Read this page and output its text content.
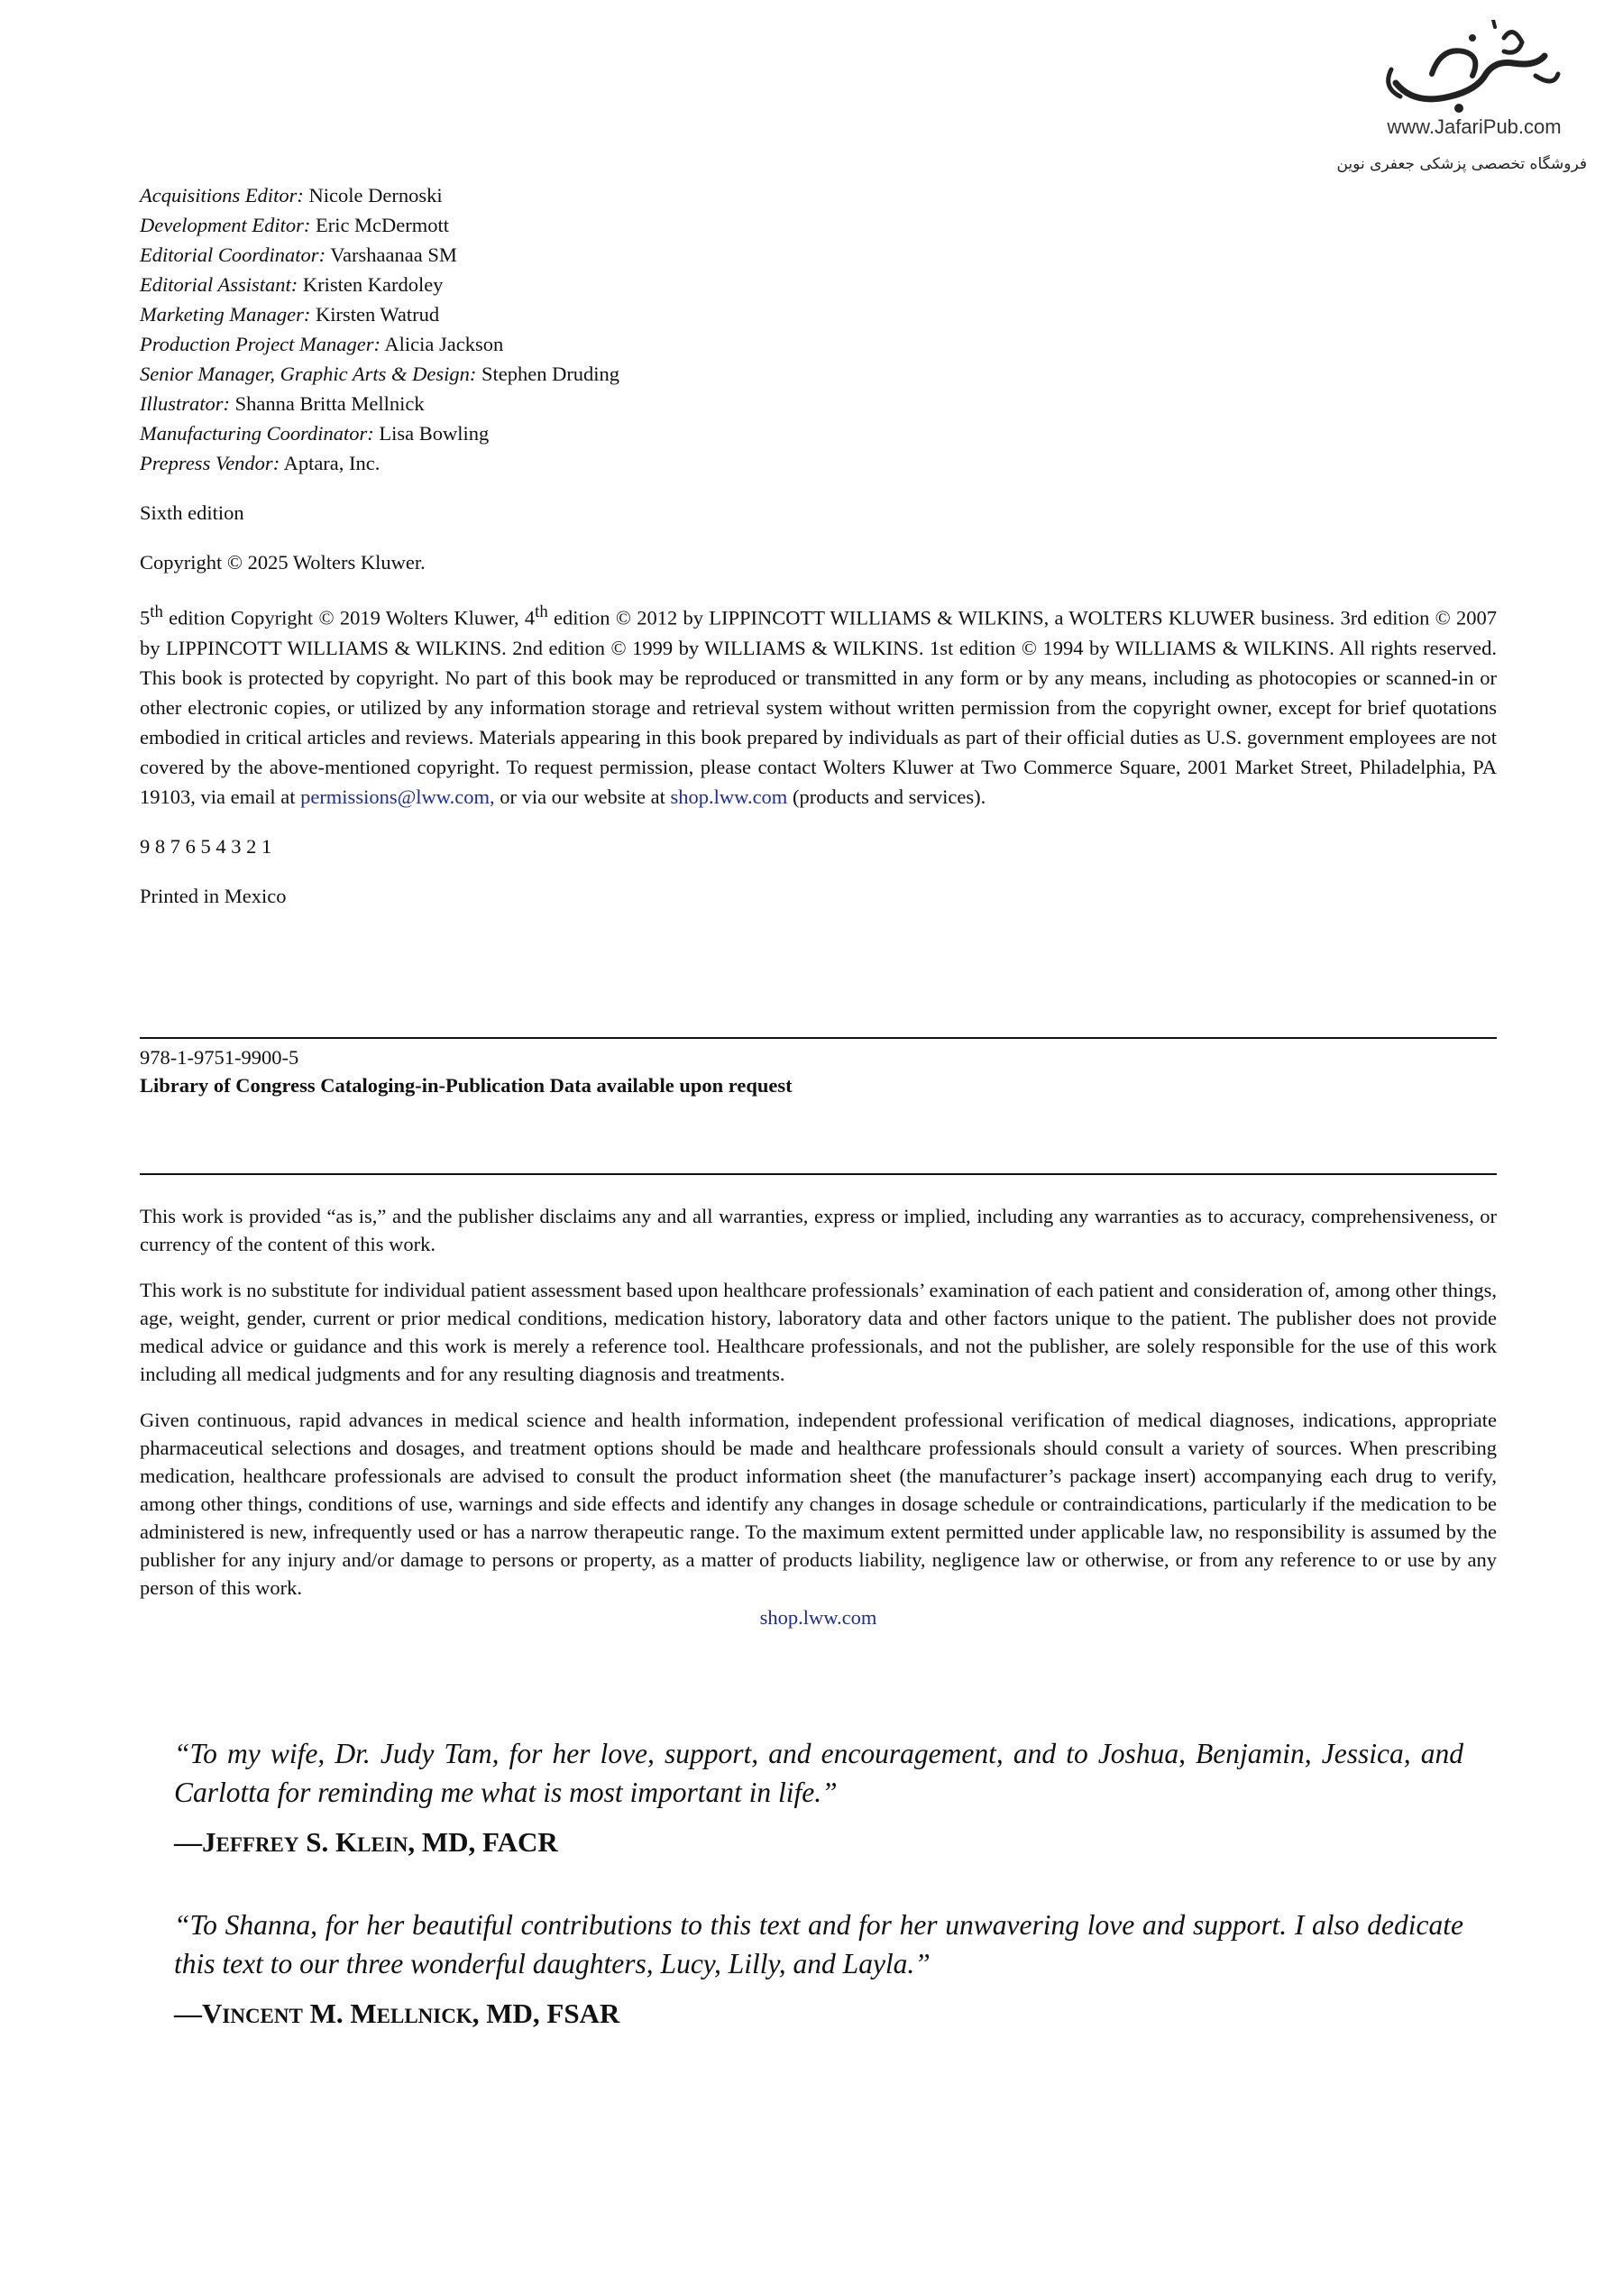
www.JafariPub.com
فروشگاه تخصصی پزشکی جعفری نوین

Acquisitions Editor: Nicole Dernoski

Development Editor: Eric McDermott

Editorial Coordinator: Varshaanaa SM

Editorial Assistant: Kristen Kardoley

Marketing Manager: Kirsten Watrud

Production Project Manager: Alicia Jackson

Senior Manager, Graphic Arts & Design: Stephen Druding

Illustrator: Shanna Britta Mellnick

Manufacturing Coordinator: Lisa Bowling

Prepress Vendor: Aptara, Inc.

Sixth edition

Copyright © 2025 Wolters Kluwer.

5th edition Copyright © 2019 Wolters Kluwer, 4th edition © 2012 by LIPPINCOTT WILLIAMS & WILKINS, a WOLTERS KLUWER business. 3rd edition © 2007 by LIPPINCOTT WILLIAMS & WILKINS. 2nd edition © 1999 by WILLIAMS & WILKINS. 1st edition © 1994 by WILLIAMS & WILKINS. All rights reserved. This book is protected by copyright. No part of this book may be reproduced or transmitted in any form or by any means, including as photocopies or scanned-in or other electronic copies, or utilized by any information storage and retrieval system without written permission from the copyright owner, except for brief quotations embodied in critical articles and reviews. Materials appearing in this book prepared by individuals as part of their official duties as U.S. government employees are not covered by the above-mentioned copyright. To request permission, please contact Wolters Kluwer at Two Commerce Square, 2001 Market Street, Philadelphia, PA 19103, via email at permissions@lww.com, or via our website at shop.lww.com (products and services).

9 8 7 6 5 4 3 2 1

Printed in Mexico

978-1-9751-9900-5
Library of Congress Cataloging-in-Publication Data available upon request

This work is provided “as is,” and the publisher disclaims any and all warranties, express or implied, including any warranties as to accuracy, comprehensiveness, or currency of the content of this work.

This work is no substitute for individual patient assessment based upon healthcare professionals’ examination of each patient and consideration of, among other things, age, weight, gender, current or prior medical conditions, medication history, laboratory data and other factors unique to the patient. The publisher does not provide medical advice or guidance and this work is merely a reference tool. Healthcare professionals, and not the publisher, are solely responsible for the use of this work including all medical judgments and for any resulting diagnosis and treatments.

Given continuous, rapid advances in medical science and health information, independent professional verification of medical diagnoses, indications, appropriate pharmaceutical selections and dosages, and treatment options should be made and healthcare professionals should consult a variety of sources. When prescribing medication, healthcare professionals are advised to consult the product information sheet (the manufacturer’s package insert) accompanying each drug to verify, among other things, conditions of use, warnings and side effects and identify any changes in dosage schedule or contraindications, particularly if the medication to be administered is new, infrequently used or has a narrow therapeutic range. To the maximum extent permitted under applicable law, no responsibility is assumed by the publisher for any injury and/or damage to persons or property, as a matter of products liability, negligence law or otherwise, or from any reference to or use by any person of this work.

shop.lww.com

“To my wife, Dr. Judy Tam, for her love, support, and encouragement, and to Joshua, Benjamin, Jessica, and Carlotta for reminding me what is most important in life.”

—JEFFREY S. KLEIN, MD, FACR

“To Shanna, for her beautiful contributions to this text and for her unwavering love and support. I also dedicate this text to our three wonderful daughters, Lucy, Lilly, and Layla.”

—VINCENT M. MELLNICK, MD, FSAR
